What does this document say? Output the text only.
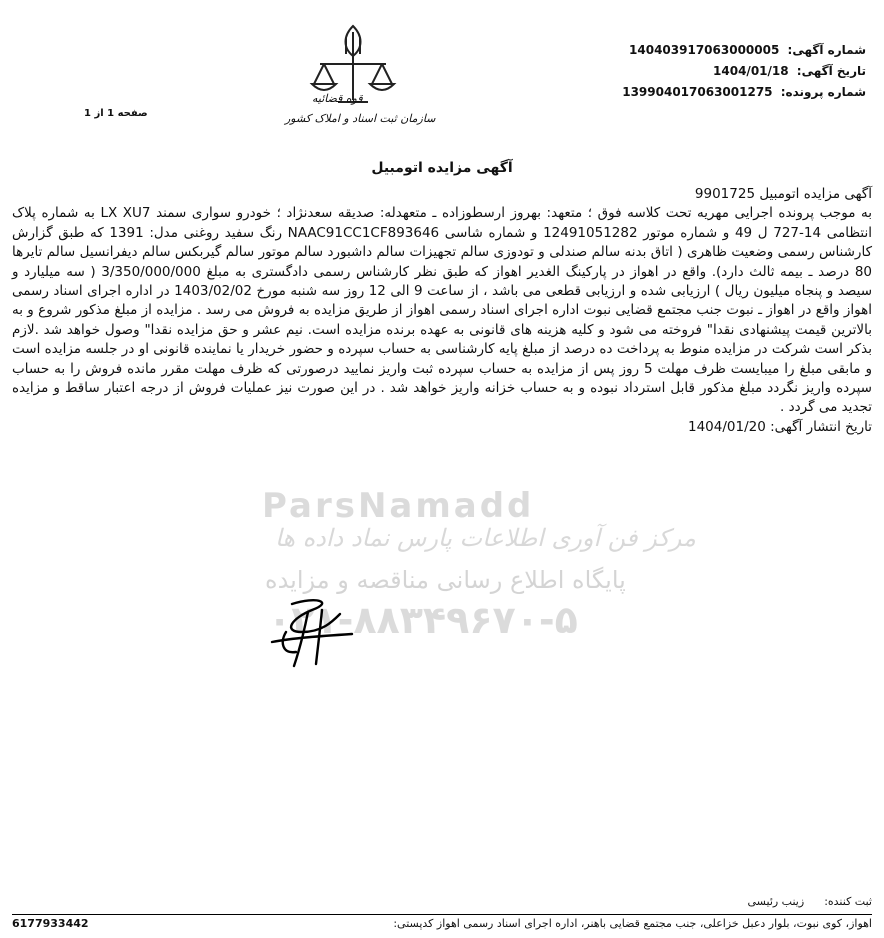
شماره آگهی: 140403917063000005
تاریخ آگهی: 1404/01/18
شماره پرونده: 139904017063001275
قوه قضائیه
سازمان ثبت اسناد و املاک کشور
صفحه 1 از 1
آگهی مزایده اتومبیل
ParsNamadd
مرکز فن آوری اطلاعات پارس نماد داده ها
پایگاه اطلاع رسانی مناقصه و مزایده
۰۲۱-۸۸۳۴۹۶۷۰-۵

آگهی مزایده اتومبیل 9901725

به موجب پرونده اجرایی مهریه تحت کلاسه فوق ؛ متعهد: بهروز ارسطوزاده ـ متعهدله: صدیقه سعدنژاد ؛ خودرو سواری سمند LX XU7 به شماره پلاک انتظامی 14-727 ل 49 و شماره موتور 12491051282 و شماره شاسی NAAC91CC1CF893646 رنگ سفید روغنی مدل: 1391 که طبق گزارش کارشناس رسمی وضعیت ظاهری ( اتاق بدنه سالم صندلی و تودوزی سالم تجهیزات سالم داشبورد سالم موتور سالم گیربکس سالم دیفرانسیل سالم تایرها 80 درصد ـ بیمه ثالث دارد). واقع در اهواز در پارکینگ الغدیر اهواز که طبق نظر کارشناس رسمی دادگستری به مبلغ 3/350/000/000 ( سه میلیارد و سیصد و پنجاه میلیون ریال ) ارزیابی شده و ارزیابی قطعی می باشد ، از ساعت 9 الی 12 روز سه شنبه مورخ 1403/02/02 در اداره اجرای اسناد رسمی اهواز واقع در اهواز ـ نبوت جنب مجتمع قضایی نبوت اداره اجرای اسناد رسمی اهواز از طریق مزایده به فروش می رسد . مزایده از مبلغ مذکور شروع و به بالاترین قیمت پیشنهادی نقدا" فروخته می شود و کلیه هزینه های قانونی به عهده برنده مزایده است. نیم عشر و حق مزایده نقدا" وصول خواهد شد .لازم بذکر است شرکت در مزایده منوط به پرداخت ده درصد از مبلغ پایه کارشناسی به حساب سپرده و حضور خریدار یا نماینده قانونی او در جلسه مزایده است و مابقی مبلغ را میبایست ظرف مهلت 5 روز پس از مزایده به حساب سپرده ثبت واریز نمایید درصورتی که ظرف مهلت مقرر مانده فروش را به حساب سپرده واریز نگردد مبلغ مذکور قابل استرداد نبوده و به حساب خزانه واریز خواهد شد . در این صورت نیز عملیات فروش از درجه اعتبار ساقط و مزایده تجدید می گردد .

تاریخ انتشار آگهی: 1404/01/20

ثبت کننده:
زینب رئیسی
اهواز، کوی نبوت، بلوار دعبل خزاعلی، جنب مجتمع قضایی باهنر، اداره اجرای اسناد رسمی اهواز کدپستی:
6177933442
